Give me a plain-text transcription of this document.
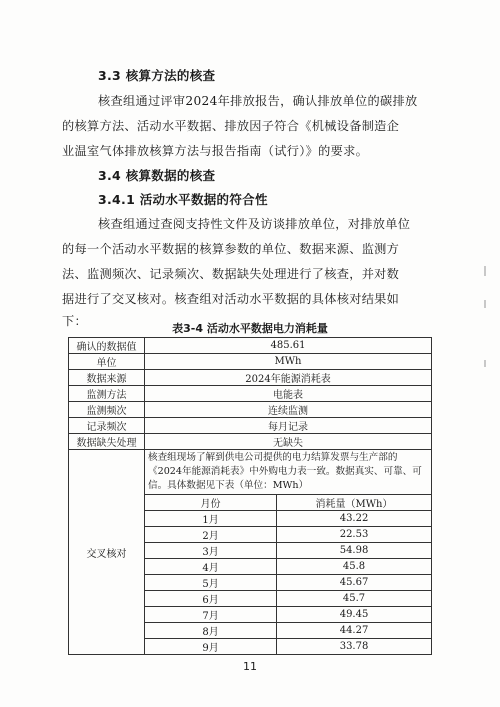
3.3 核算方法的核查
核查组通过评审2024年排放报告，确认排放单位的碳排放
的核算方法、活动水平数据、排放因子符合《机械设备制造企
业温室气体排放核算方法与报告指南（试行）》的要求。
3.4 核算数据的核查
3.4.1 活动水平数据的符合性
核查组通过查阅支持性文件及访谈排放单位，对排放单位
的每一个活动水平数据的核算参数的单位、数据来源、监测方
法、监测频次、记录频次、数据缺失处理进行了核查，并对数
据进行了交叉核对。核查组对活动水平数据的具体核对结果如
下：
表3-4 活动水平数据电力消耗量
确认的数据值	485.61
单位	MWh
数据来源	2024年能源消耗表
监测方法	电能表
监测频次	连续监测
记录频次	每月记录
数据缺失处理	无缺失
交叉核对	
核查组现场了解到供电公司提供的电力结算发票与生产部的《2024年能源消耗表》中外购电力表一致。数据真实、可靠、可信。具体数据见下表（单位：MWh）
月份	消耗量（MWh）
1月	43.22
2月	22.53
3月	54.98
4月	45.8
5月	45.67
6月	45.7
7月	49.45
8月	44.27
9月	33.78
11
